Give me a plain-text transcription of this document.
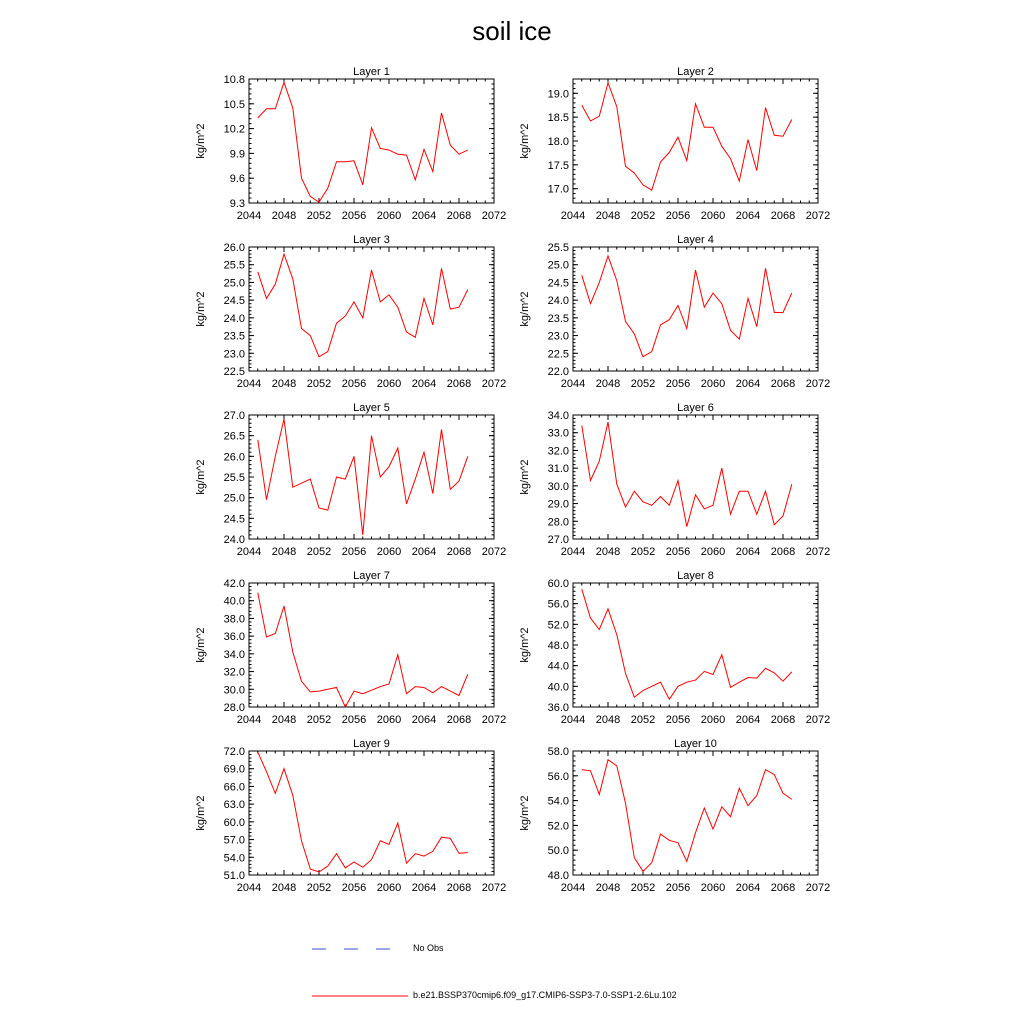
soil ice
Layer 1
kg/m^2
2044 2048 2052 2056 2060 2064 2068 2072
9.3
9.6
9.9
10.2
10.5
10.8
Layer 2
kg/m^2
2044 2048 2052 2056 2060 2064 2068 2072
17.0
17.5
18.0
18.5
19.0
Layer 3
kg/m^2
2044 2048 2052 2056 2060 2064 2068 2072
22.5
23.0
23.5
24.0
24.5
25.0
25.5
26.0
Layer 4
kg/m^2
2044 2048 2052 2056 2060 2064 2068 2072
22.0
22.5
23.0
23.5
24.0
24.5
25.0
25.5
Layer 5
kg/m^2
2044 2048 2052 2056 2060 2064 2068 2072
24.0
24.5
25.0
25.5
26.0
26.5
27.0
Layer 6
kg/m^2
2044 2048 2052 2056 2060 2064 2068 2072
27.0
28.0
29.0
30.0
31.0
32.0
33.0
34.0
Layer 7
kg/m^2
2044 2048 2052 2056 2060 2064 2068 2072
28.0
30.0
32.0
34.0
36.0
38.0
40.0
42.0
Layer 8
kg/m^2
2044 2048 2052 2056 2060 2064 2068 2072
36.0
40.0
44.0
48.0
52.0
56.0
60.0
Layer 9
kg/m^2
2044 2048 2052 2056 2060 2064 2068 2072
51.0
54.0
57.0
60.0
63.0
66.0
69.0
72.0
Layer 10
kg/m^2
2044 2048 2052 2056 2060 2064 2068 2072
48.0
50.0
52.0
54.0
56.0
58.0
No Obs
b.e21.BSSP370cmip6.f09_g17.CMIP6-SSP3-7.0-SSP1-2.6Lu.102
